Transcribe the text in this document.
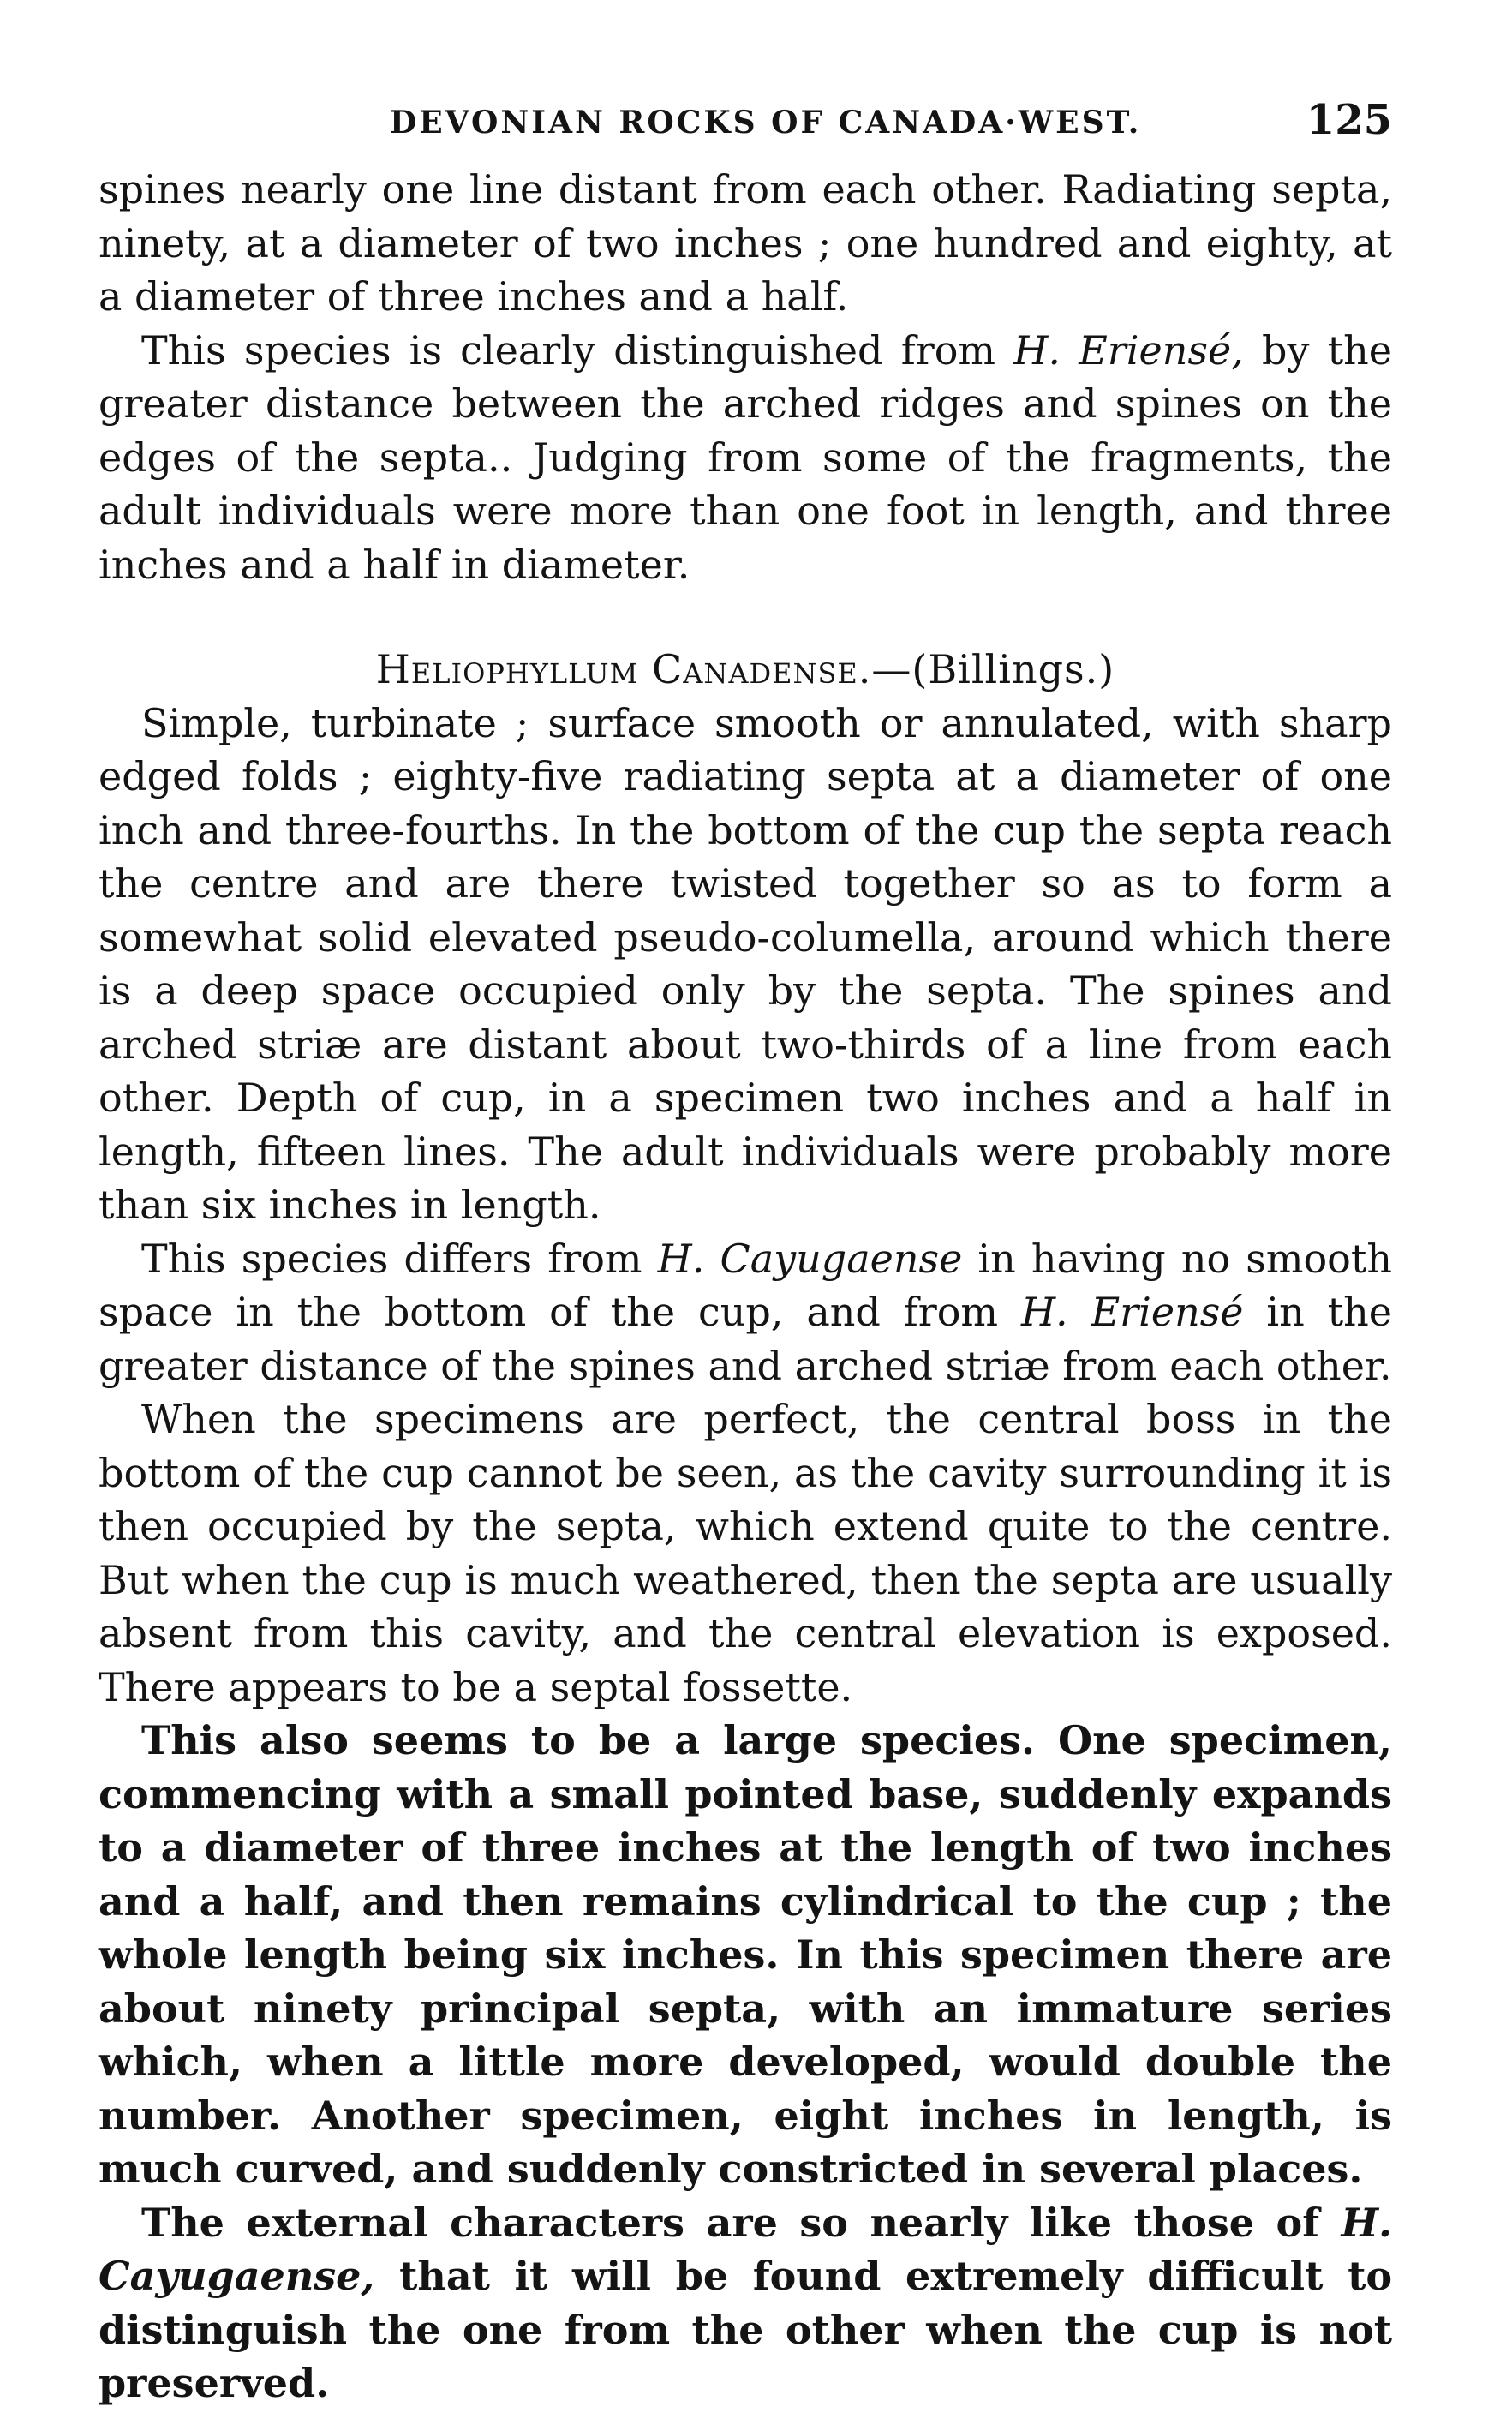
DEVONIAN ROCKS OF CANADA·WEST.	125

spines nearly one line distant from each other. Radiating septa, ninety, at a diameter of two inches ; one hundred and eighty, at a diameter of three inches and a half.

This species is clearly distinguished from H. Eriensé, by the greater distance between the arched ridges and spines on the edges of the septa.. Judging from some of the fragments, the adult individuals were more than one foot in length, and three inches and a half in diameter.

Heliophyllum Canadense.—(Billings.)

Simple, turbinate ; surface smooth or annulated, with sharp edged folds ; eighty-five radiating septa at a diameter of one inch and three-fourths. In the bottom of the cup the septa reach the centre and are there twisted together so as to form a somewhat solid elevated pseudo-columella, around which there is a deep space occupied only by the septa. The spines and arched striæ are distant about two-thirds of a line from each other. Depth of cup, in a specimen two inches and a half in length, fifteen lines. The adult individuals were probably more than six inches in length.

This species differs from H. Cayugaense in having no smooth space in the bottom of the cup, and from H. Eriensé in the greater distance of the spines and arched striæ from each other.

When the specimens are perfect, the central boss in the bottom of the cup cannot be seen, as the cavity surrounding it is then occupied by the septa, which extend quite to the centre. But when the cup is much weathered, then the septa are usually absent from this cavity, and the central elevation is exposed. There appears to be a septal fossette.

This also seems to be a large species. One specimen, commencing with a small pointed base, suddenly expands to a diameter of three inches at the length of two inches and a half, and then remains cylindrical to the cup ; the whole length being six inches. In this specimen there are about ninety principal septa, with an immature series which, when a little more developed, would double the number. Another specimen, eight inches in length, is much curved, and suddenly constricted in several places.

The external characters are so nearly like those of H. Cayugaense, that it will be found extremely difficult to distinguish the one from the other when the cup is not preserved.
